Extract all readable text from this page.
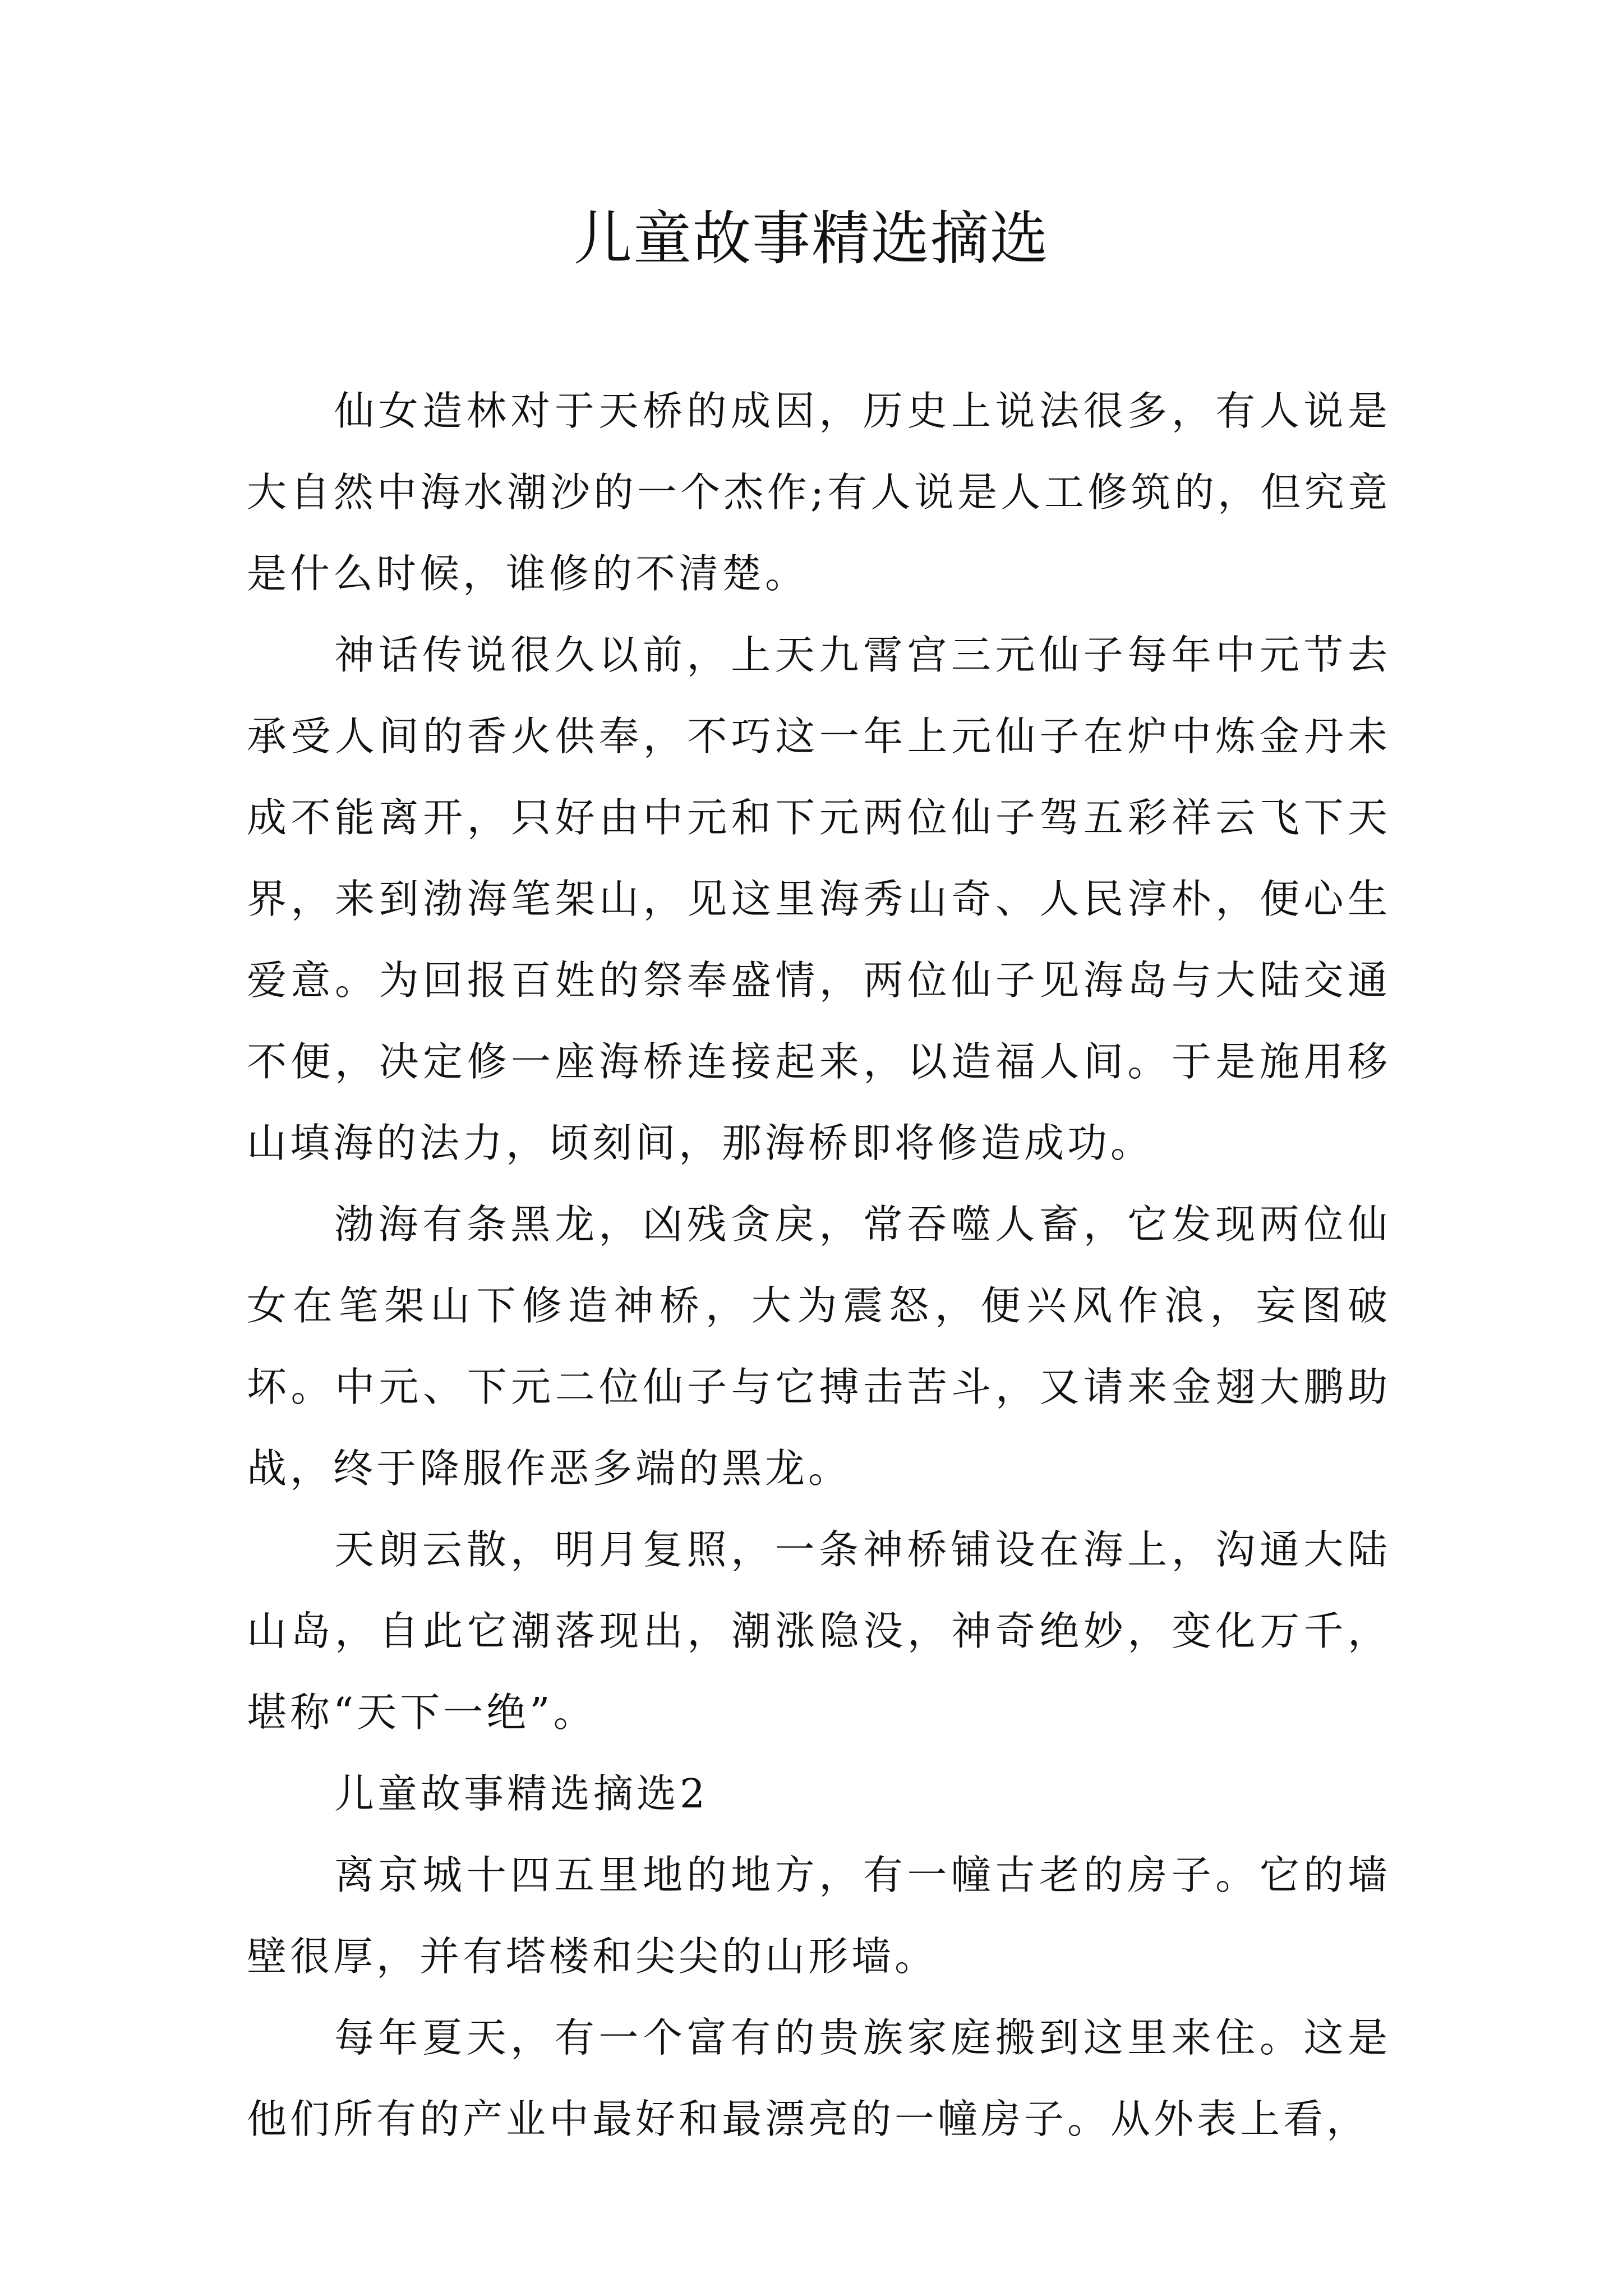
儿童故事精选摘选

仙女造林对于天桥的成因，历史上说法很多，有人说是大自然中海水潮沙的一个杰作;有人说是人工修筑的，但究竟是什么时候，谁修的不清楚。

神话传说很久以前，上天九霄宫三元仙子每年中元节去承受人间的香火供奉，不巧这一年上元仙子在炉中炼金丹未成不能离开，只好由中元和下元两位仙子驾五彩祥云飞下天界，来到渤海笔架山，见这里海秀山奇、人民淳朴，便心生爱意。为回报百姓的祭奉盛情，两位仙子见海岛与大陆交通不便，决定修一座海桥连接起来，以造福人间。于是施用移山填海的法力，顷刻间，那海桥即将修造成功。

渤海有条黑龙，凶残贪戾，常吞噬人畜，它发现两位仙女在笔架山下修造神桥，大为震怒，便兴风作浪，妄图破坏。中元、下元二位仙子与它搏击苦斗，又请来金翅大鹏助战，终于降服作恶多端的黑龙。

天朗云散，明月复照，一条神桥铺设在海上，沟通大陆山岛，自此它潮落现出，潮涨隐没，神奇绝妙，变化万千，堪称“天下一绝”。

儿童故事精选摘选2

离京城十四五里地的地方，有一幢古老的房子。它的墙壁很厚，并有塔楼和尖尖的山形墙。

每年夏天，有一个富有的贵族家庭搬到这里来住。这是他们所有的产业中最好和最漂亮的一幢房子。从外表上看，
